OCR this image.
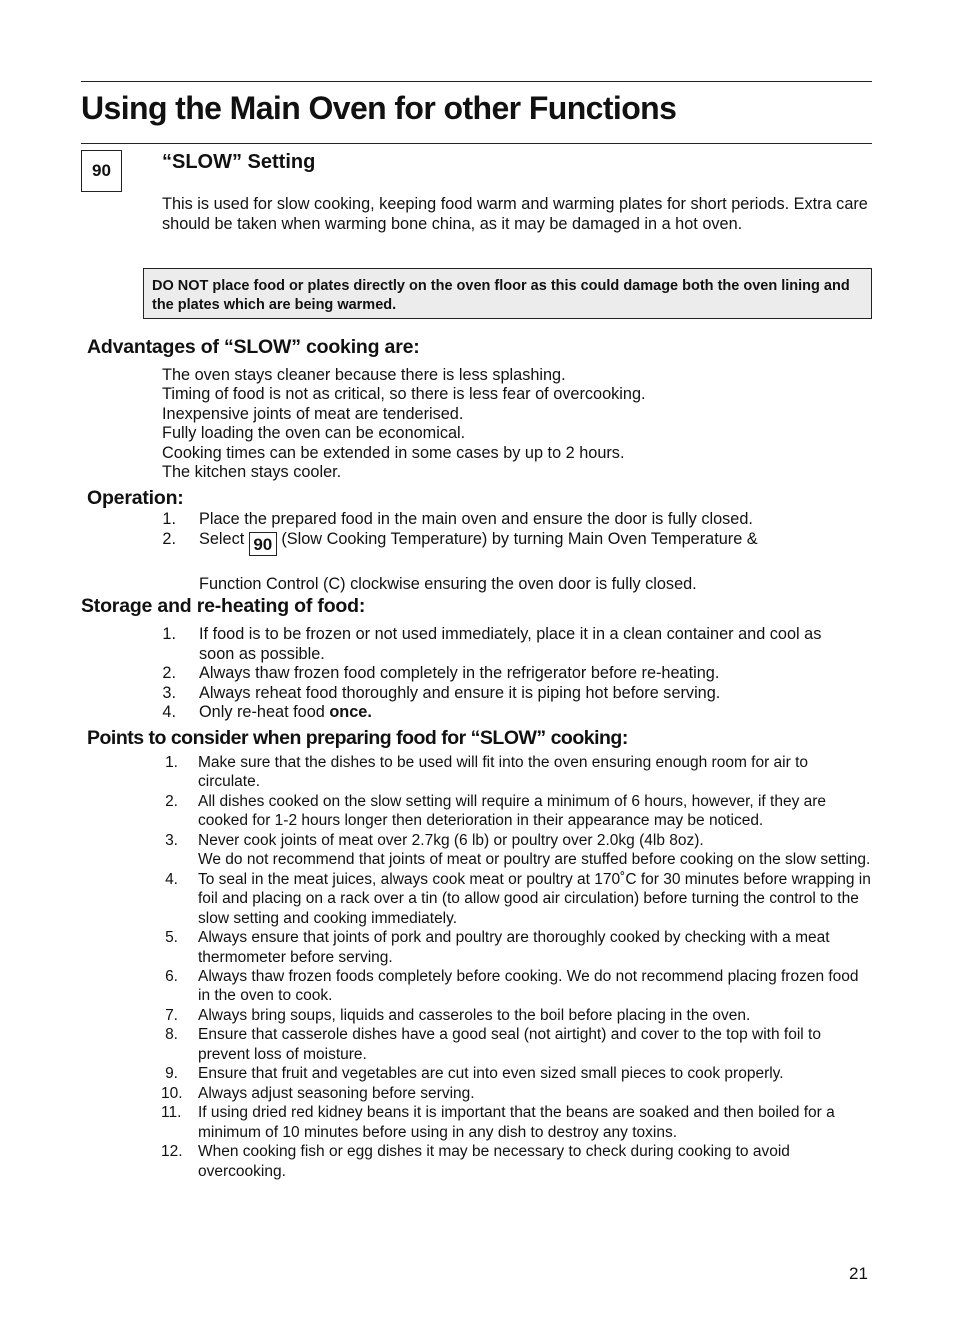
Using the Main Oven for other Functions
90	“SLOW” Setting

This is used for slow cooking, keeping food warm and warming plates for short periods. Extra care should be taken when warming bone china, as it may be damaged in a hot oven.

DO NOT place food or plates directly on the oven floor as this could damage both the oven lining and the plates which are being warmed.
Advantages of “SLOW” cooking are:
The oven stays cleaner because there is less splashing.
Timing of food is not as critical, so there is less fear of overcooking.
Inexpensive joints of meat are tenderised.
Fully loading the oven can be economical.
Cooking times can be extended in some cases by up to 2 hours.
The kitchen stays cooler.
Operation:
1. Place the prepared food in the main oven and ensure the door is fully closed.
2. Select 90 (Slow Cooking Temperature) by turning Main Oven Temperature &
Function Control (C) clockwise ensuring the oven door is fully closed.
Storage and re-heating of food:
1. If food is to be frozen or not used immediately, place it in a clean container and cool as soon as possible.
2. Always thaw frozen food completely in the refrigerator before re-heating.
3. Always reheat food thoroughly and ensure it is piping hot before serving.
4. Only re-heat food once.
Points to consider when preparing food for “SLOW” cooking:
1. Make sure that the dishes to be used will fit into the oven ensuring enough room for air to circulate.
2. All dishes cooked on the slow setting will require a minimum of 6 hours, however, if they are cooked for 1-2 hours longer then deterioration in their appearance may be noticed.
3. Never cook joints of meat over 2.7kg (6 lb) or poultry over 2.0kg (4lb 8oz).
We do not recommend that joints of meat or poultry are stuffed before cooking on the slow setting.
4. To seal in the meat juices, always cook meat or poultry at 170˚C for 30 minutes before wrapping in foil and placing on a rack over a tin (to allow good air circulation) before turning the control to the slow setting and cooking immediately.
5. Always ensure that joints of pork and poultry are thoroughly cooked by checking with a meat thermometer before serving.
6. Always thaw frozen foods completely before cooking. We do not recommend placing frozen food in the oven to cook.
7. Always bring soups, liquids and casseroles to the boil before placing in the oven.
8. Ensure that casserole dishes have a good seal (not airtight) and cover to the top with foil to prevent loss of moisture.
9. Ensure that fruit and vegetables are cut into even sized small pieces to cook properly.
10. Always adjust seasoning before serving.
11. If using dried red kidney beans it is important that the beans are soaked and then boiled for a minimum of 10 minutes before using in any dish to destroy any toxins.
12. When cooking fish or egg dishes it may be necessary to check during cooking to avoid overcooking.

21
